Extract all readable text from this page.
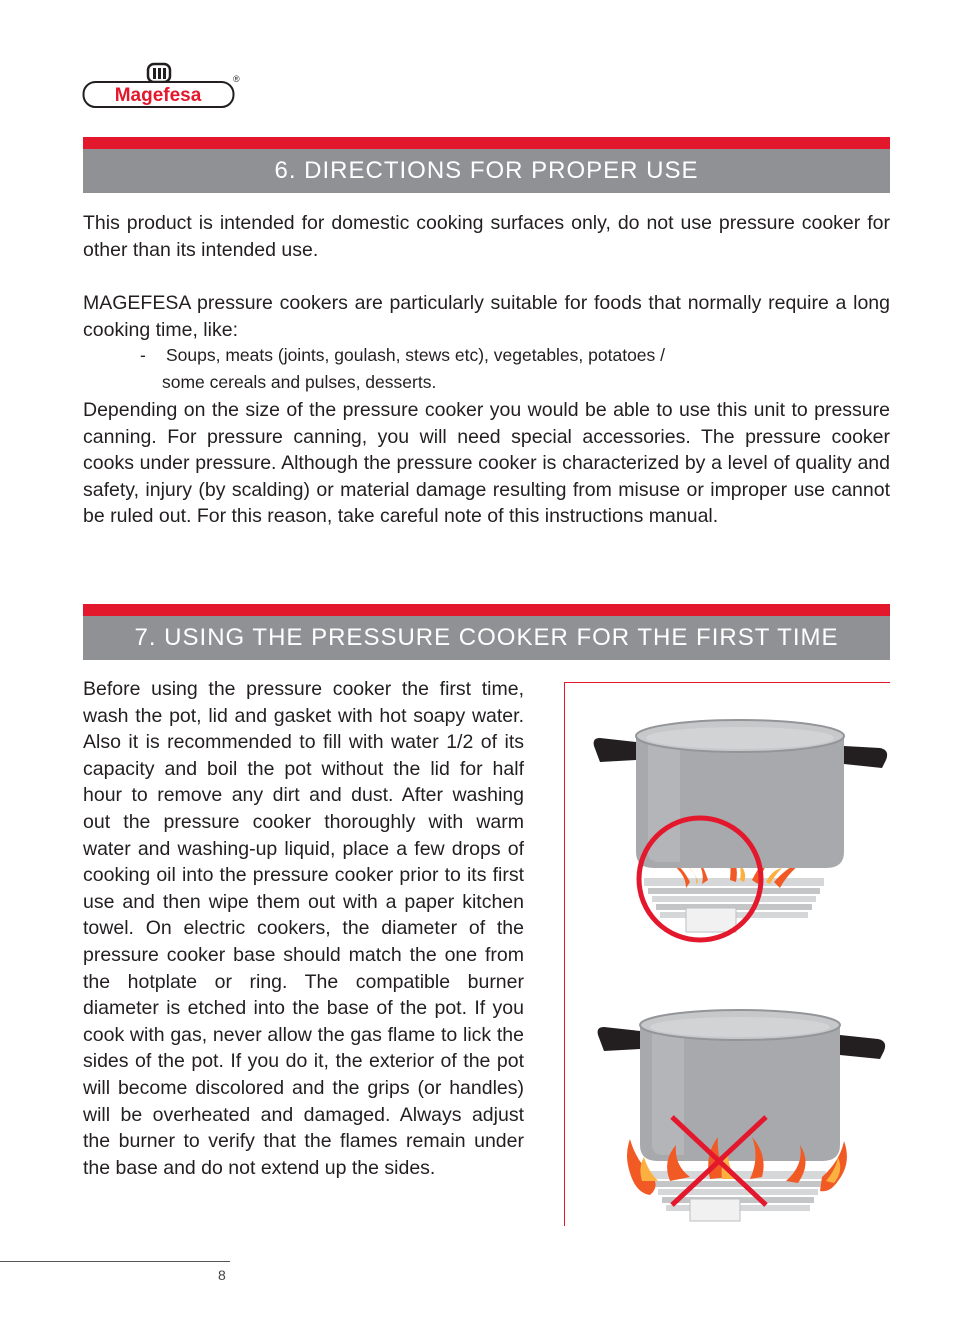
Magefesa
®
6. DIRECTIONS FOR PROPER USE

This product is intended for domestic cooking surfaces only, do not use pressure cooker for other than its intended use.

MAGEFESA pressure cookers are particularly suitable for foods that normally require a long cooking time, like:

-	Soups, meats (joints, goulash, stews etc), vegetables, potatoes /
some cereals and pulses, desserts.

Depending on the size of the pressure cooker you would be able to use this unit to pressure canning. For pressure canning, you will need special accessories. The pressure cooker cooks under pressure. Although the pressure cooker is characterized by a level of quality and safety, injury (by scalding) or material damage resulting from misuse or improper use cannot be ruled out. For this reason, take careful note of this instructions manual.

7. USING THE PRESSURE COOKER FOR THE FIRST TIME

Before using the pressure cooker the first time, wash the pot, lid and gasket with hot soapy water. Also it is recommended to fill with water 1/2 of its capacity and boil the pot without the lid for half hour to remove any dirt and dust. After washing out the pressure cooker thoroughly with warm water and washing-up liquid, place a few drops of cooking oil into the pressure cooker prior to its first use and then wipe them out with a paper kitchen towel. On electric cookers, the diameter of the pressure cooker base should match the one from the hotplate or ring. The compatible burner diameter is etched into the base of the pot. If you cook with gas, never allow the gas flame to lick the sides of the pot. If you do it, the exterior of the pot will become discolored and the grips (or handles) will be overheated and damaged. Always adjust the burner to verify that the flames remain under the base and do not extend up the sides.

8
